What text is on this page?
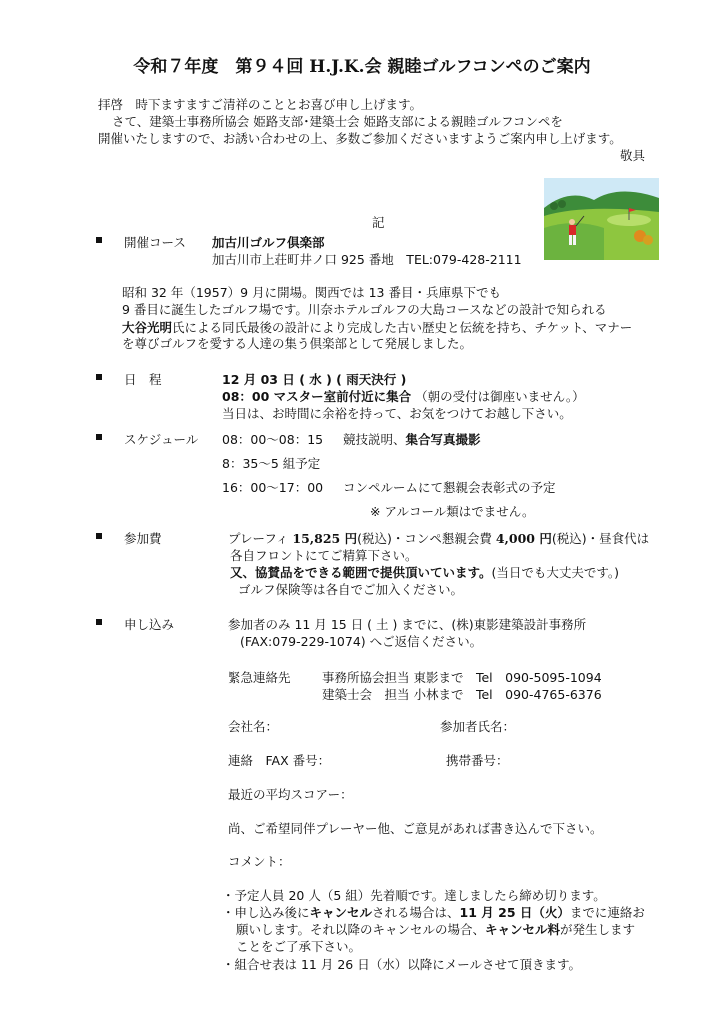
令和７年度　第９４回 H.J.K.会 親睦ゴルフコンペのご案内
拝啓　時下ますますご清祥のこととお喜び申し上げます。
さて、建築士事務所協会 姫路支部･建築士会 姫路支部による親睦ゴルフコンペを
開催いたしますので、お誘い合わせの上、多数ご参加くださいますようご案内申し上げます。
敬具
記
開催コース 加古川ゴルフ倶楽部
加古川市上荘町井ノ口 925 番地　TEL:079-428-2111
昭和 32 年（1957）9 月に開場。関西では 13 番目・兵庫県下でも
9 番目に誕生したゴルフ場です。川奈ホテルゴルフの大島コースなどの設計で知られる
大谷光明氏による同氏最後の設計により完成した古い歴史と伝統を持ち、チケット、マナー
を尊びゴルフを愛する人達の集う倶楽部として発展しました。
日　程	12 月 03 日 ( 水 ) ( 雨天決行 )
08：00 マスター室前付近に集合 （朝の受付は御座いません。）
当日は、お時間に余裕を持って、お気をつけてお越し下さい。
スケジュール 08：00～08：15 競技説明、集合写真撮影
8：35～5 組予定
16：00～17：00 コンペルームにて懇親会表彰式の予定
※ アルコール類はでません。
参加費	プレーフィ 15,825 円(税込)・コンペ懇親会費 4,000 円(税込)・昼食代は
各自フロントにてご精算下さい。
又、協賛品をできる範囲で提供頂いています。(当日でも大丈夫です。)
ゴルフ保険等は各自でご加入ください。
申し込み	参加者のみ 11 月 15 日 ( 土 ) までに、(株)東影建築設計事務所
(FAX:079-229-1074) へご返信ください。
緊急連絡先	事務所協会担当 東影まで　Tel　090-5095-1094
建築士会　担当 小林まで　Tel　090-4765-6376
会社名：	参加者氏名：
連絡　FAX 番号：	携帯番号：
最近の平均スコアー：
尚、ご希望同伴プレーヤー他、ご意見があれば書き込んで下さい。
コメント：
・予定人員 20 人（5 組）先着順です。達しましたら締め切ります。
・申し込み後にキャンセルされる場合は、11 月 25 日（火）までに連絡お
願いします。それ以降のキャンセルの場合、キャンセル料が発生します
ことをご了承下さい。
・組合せ表は 11 月 26 日（水）以降にメールさせて頂きます。
